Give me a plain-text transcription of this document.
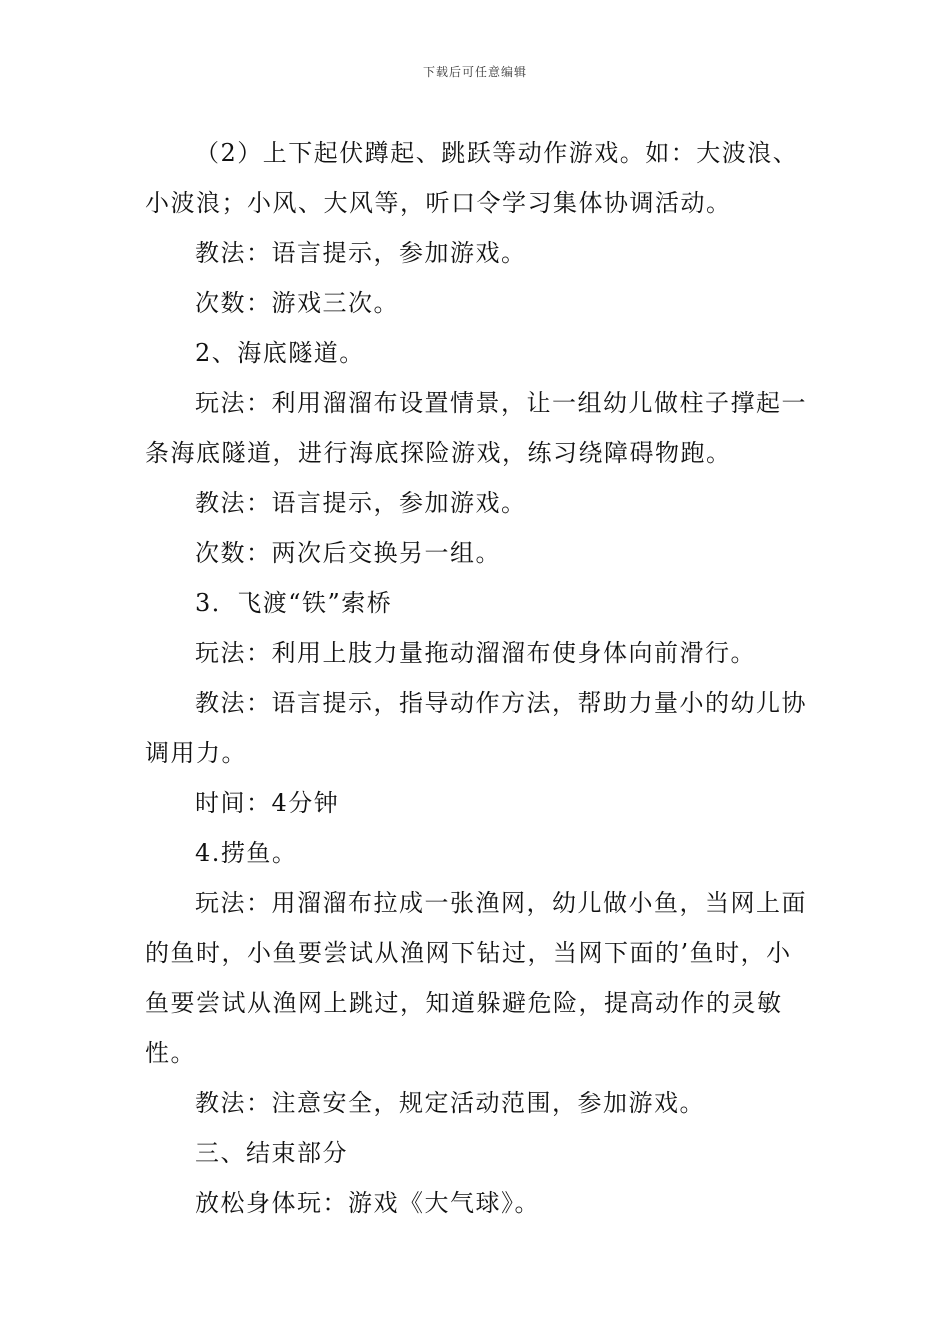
下载后可任意编辑

（2）上下起伏蹲起、跳跃等动作游戏。如：大波浪、小波浪；小风、大风等，听口令学习集体协调活动。

教法：语言提示，参加游戏。

次数：游戏三次。

2、海底隧道。

玩法：利用溜溜布设置情景，让一组幼儿做柱子撑起一条海底隧道，进行海底探险游戏，练习绕障碍物跑。

教法：语言提示，参加游戏。

次数：两次后交换另一组。

3．飞渡“铁”索桥

玩法：利用上肢力量拖动溜溜布使身体向前滑行。

教法：语言提示，指导动作方法，帮助力量小的幼儿协调用力。

时间：4分钟

4.捞鱼。

玩法：用溜溜布拉成一张渔网，幼儿做小鱼，当网上面的鱼时，小鱼要尝试从渔网下钻过，当网下面的’鱼时，小鱼要尝试从渔网上跳过，知道躲避危险，提高动作的灵敏性。

教法：注意安全，规定活动范围，参加游戏。

三、结束部分

放松身体玩：游戏《大气球》。
